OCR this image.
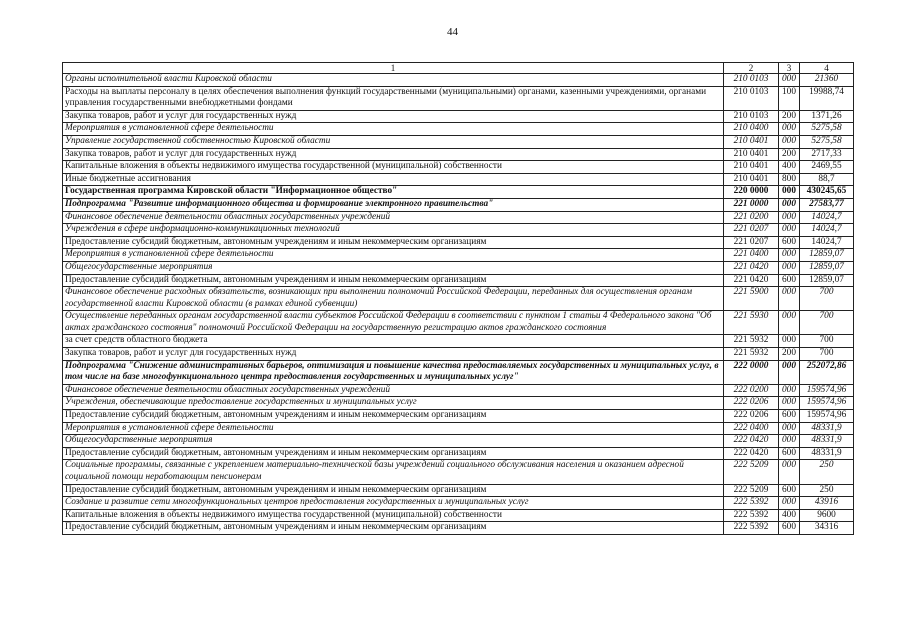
44
1	2	3	4
Органы исполнительной власти Кировской области	210 0103	000	21360
Расходы на выплаты персоналу в целях обеспечения выполнения функций государственными (муниципальными) органами, казенными учреждениями, органами управления государственными внебюджетными фондами	210 0103	100	19988,74
Закупка товаров, работ и услуг для государственных нужд	210 0103	200	1371,26
Мероприятия в установленной сфере деятельности	210 0400	000	5275,58
Управление государственной собственностью Кировской области	210 0401	000	5275,58
Закупка товаров, работ и услуг для государственных нужд	210 0401	200	2717,33
Капитальные вложения в объекты недвижимого имущества государственной (муниципальной) собственности	210 0401	400	2469,55
Иные бюджетные ассигнования	210 0401	800	88,7
Государственная программа Кировской области "Информационное общество"	220 0000	000	430245,65
Подпрограмма "Развитие информационного общества и формирование электронного правительства"	221 0000	000	27583,77
Финансовое обеспечение деятельности областных государственных учреждений	221 0200	000	14024,7
Учреждения в сфере информационно-коммуникационных технологий	221 0207	000	14024,7
Предоставление субсидий бюджетным, автономным учреждениям и иным некоммерческим организациям	221 0207	600	14024,7
Мероприятия в установленной сфере деятельности	221 0400	000	12859,07
Общегосударственные мероприятия	221 0420	000	12859,07
Предоставление субсидий бюджетным, автономным учреждениям и иным некоммерческим организациям	221 0420	600	12859,07
Финансовое обеспечение расходных обязательств, возникающих при выполнении полномочий Российской Федерации, переданных для осуществления органам государственной власти Кировской области (в рамках единой субвенции)	221 5900	000	700
Осуществление переданных органам государственной власти субъектов Российской Федерации в соответствии с пунктом 1 статьи 4 Федерального закона "Об актах гражданского состояния" полномочий Российской Федерации на государственную регистрацию актов гражданского состояния	221 5930	000	700
за счет средств областного бюджета	221 5932	000	700
Закупка товаров, работ и услуг для государственных нужд	221 5932	200	700
Подпрограмма "Снижение административных барьеров, оптимизация и повышение качества предоставляемых государственных и муниципальных услуг, в том числе на базе многофункционального центра предоставления государственных и муниципальных услуг"	222 0000	000	252072,86
Финансовое обеспечение деятельности областных государственных учреждений	222 0200	000	159574,96
Учреждения, обеспечивающие предоставление государственных и муниципальных услуг	222 0206	000	159574,96
Предоставление субсидий бюджетным, автономным учреждениям и иным некоммерческим организациям	222 0206	600	159574,96
Мероприятия в установленной сфере деятельности	222 0400	000	48331,9
Общегосударственные мероприятия	222 0420	000	48331,9
Предоставление субсидий бюджетным, автономным учреждениям и иным некоммерческим организациям	222 0420	600	48331,9
Социальные программы, связанные с укреплением материально-технической базы учреждений социального обслуживания населения и оказанием адресной социальной помощи неработающим пенсионерам	222 5209	000	250
Предоставление субсидий бюджетным, автономным учреждениям и иным некоммерческим организациям	222 5209	600	250
Создание и развитие сети многофункциональных центров предоставления государственных и муниципальных услуг	222 5392	000	43916
Капитальные вложения в объекты недвижимого имущества государственной (муниципальной) собственности	222 5392	400	9600
Предоставление субсидий бюджетным, автономным учреждениям и иным некоммерческим организациям	222 5392	600	34316
